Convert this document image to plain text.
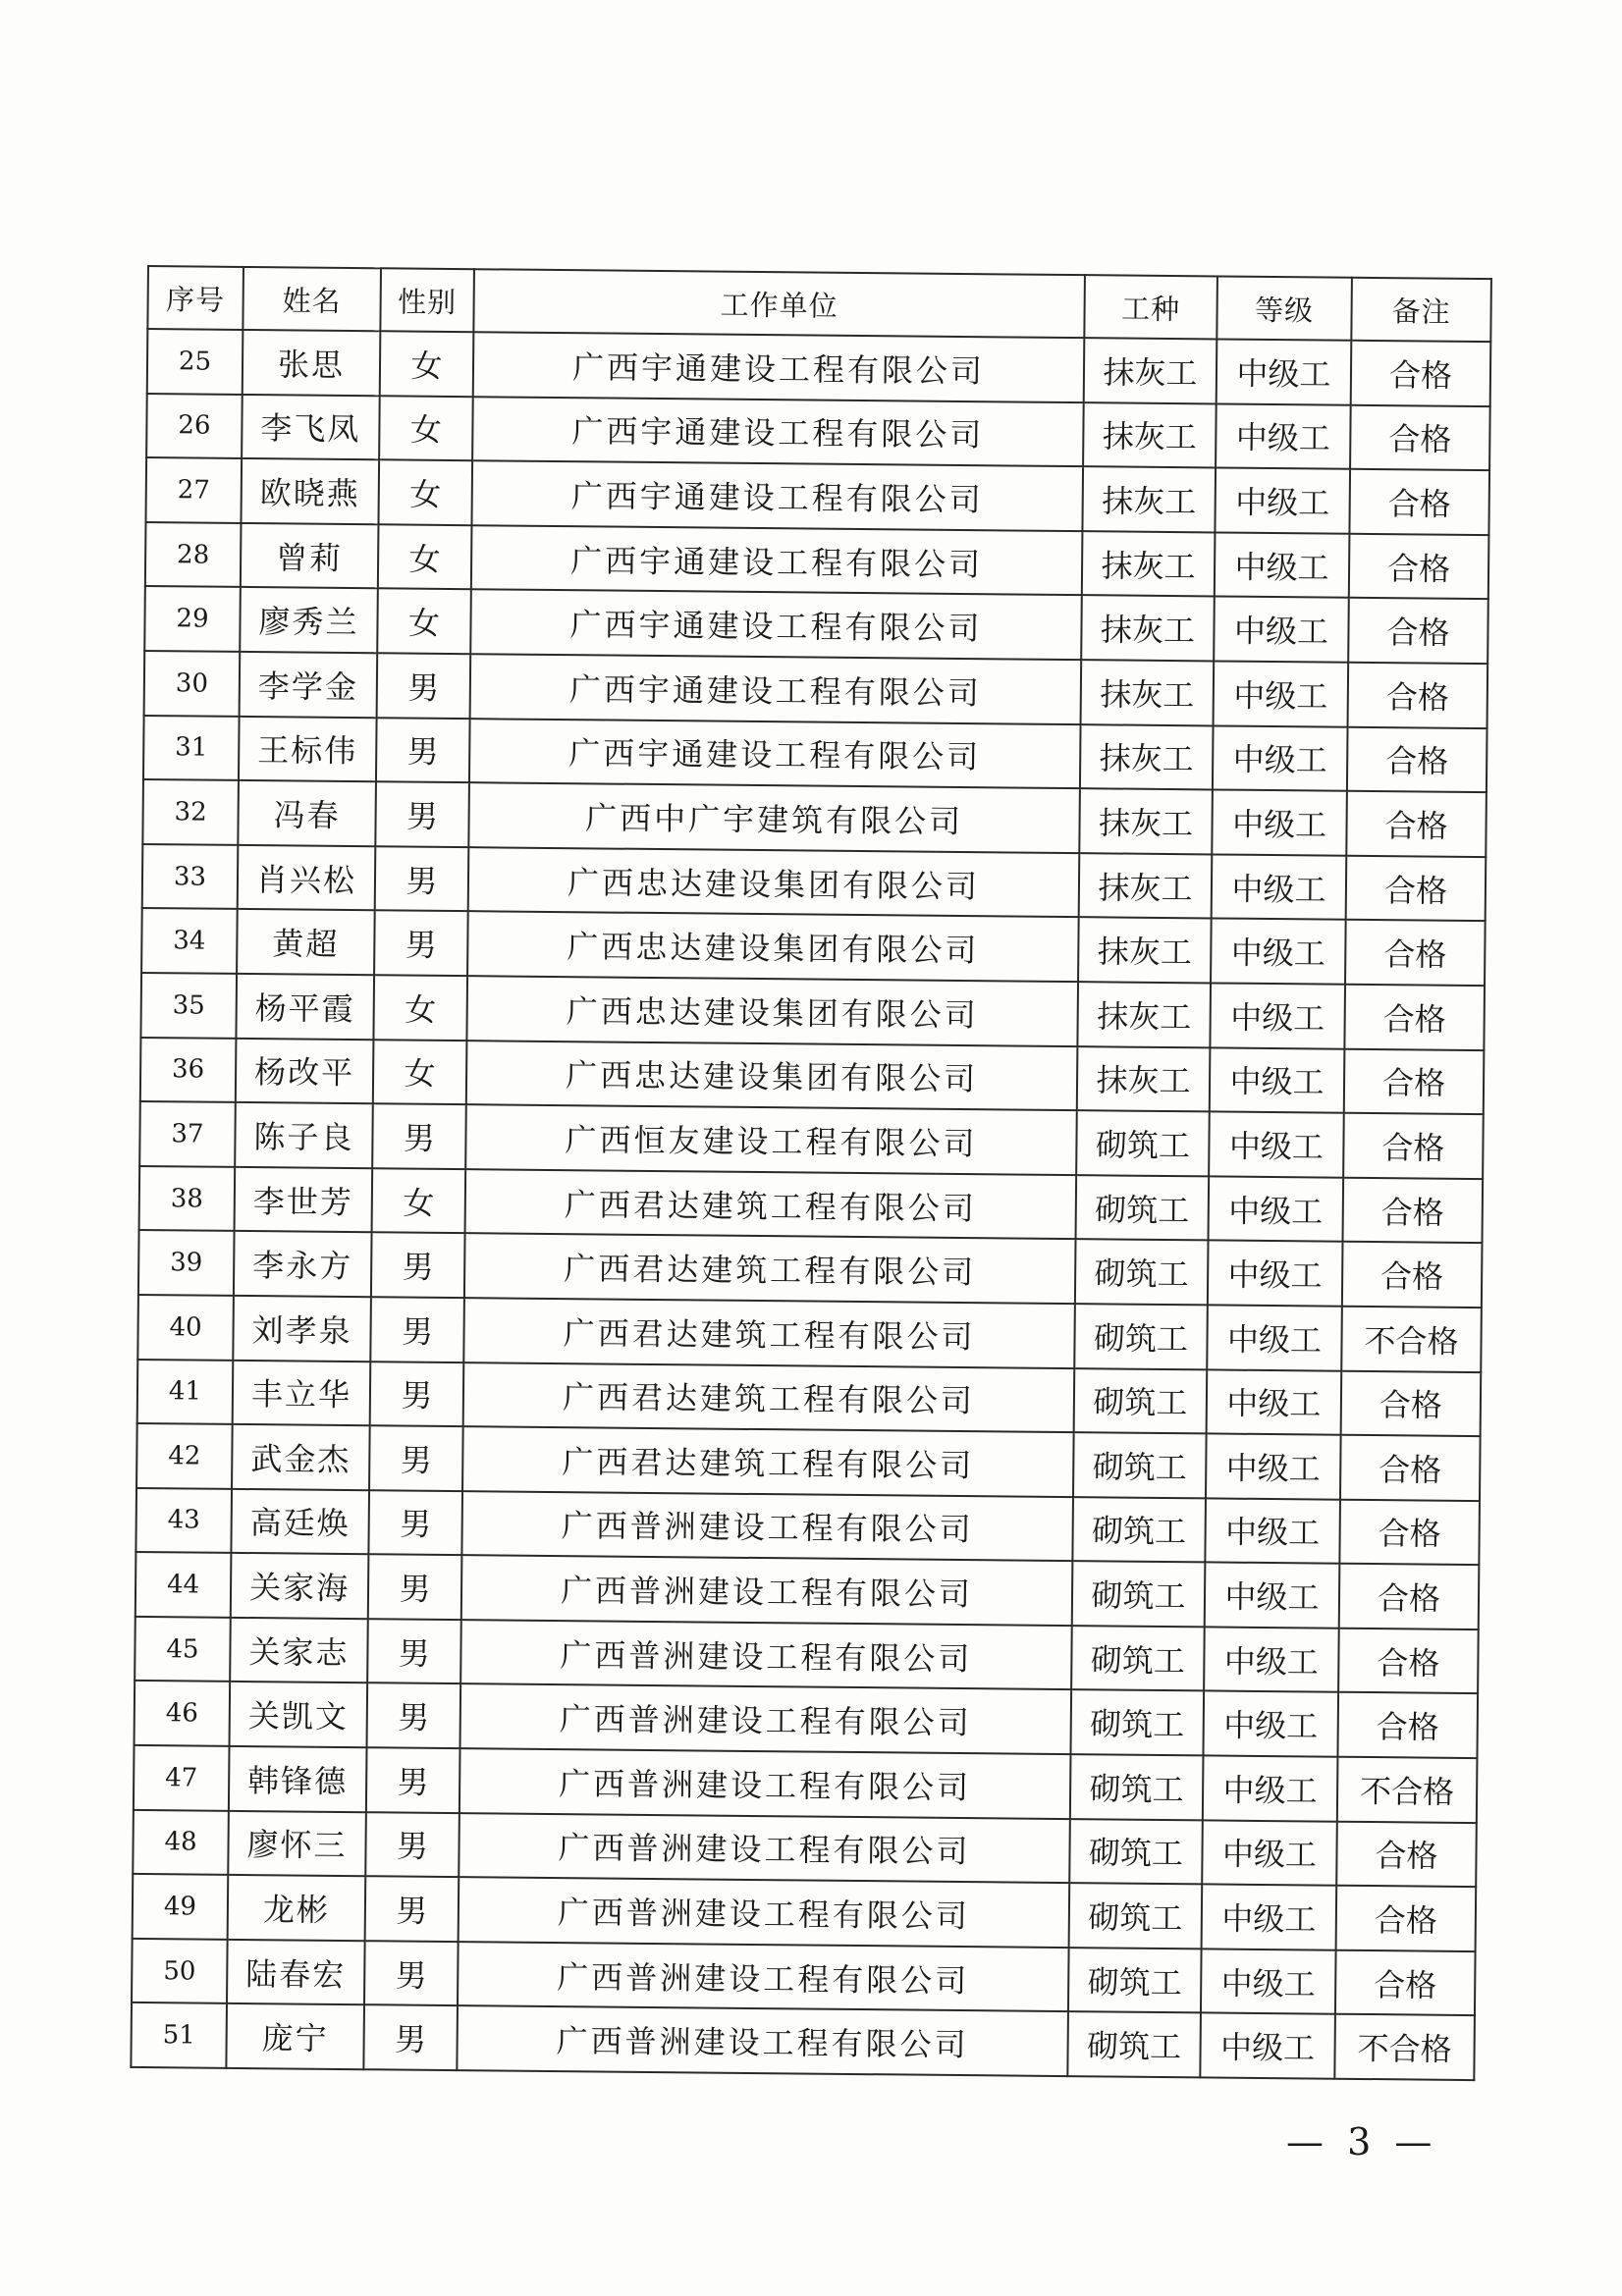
序号	姓名	性别	工作单位	工种	等级	备注
25	张思	女	广西宇通建设工程有限公司	抹灰工	中级工	合格
26	李飞凤	女	广西宇通建设工程有限公司	抹灰工	中级工	合格
27	欧晓燕	女	广西宇通建设工程有限公司	抹灰工	中级工	合格
28	曾莉	女	广西宇通建设工程有限公司	抹灰工	中级工	合格
29	廖秀兰	女	广西宇通建设工程有限公司	抹灰工	中级工	合格
30	李学金	男	广西宇通建设工程有限公司	抹灰工	中级工	合格
31	王标伟	男	广西宇通建设工程有限公司	抹灰工	中级工	合格
32	冯春	男	广西中广宇建筑有限公司	抹灰工	中级工	合格
33	肖兴松	男	广西忠达建设集团有限公司	抹灰工	中级工	合格
34	黄超	男	广西忠达建设集团有限公司	抹灰工	中级工	合格
35	杨平霞	女	广西忠达建设集团有限公司	抹灰工	中级工	合格
36	杨改平	女	广西忠达建设集团有限公司	抹灰工	中级工	合格
37	陈子良	男	广西恒友建设工程有限公司	砌筑工	中级工	合格
38	李世芳	女	广西君达建筑工程有限公司	砌筑工	中级工	合格
39	李永方	男	广西君达建筑工程有限公司	砌筑工	中级工	合格
40	刘孝泉	男	广西君达建筑工程有限公司	砌筑工	中级工	不合格
41	丰立华	男	广西君达建筑工程有限公司	砌筑工	中级工	合格
42	武金杰	男	广西君达建筑工程有限公司	砌筑工	中级工	合格
43	高廷焕	男	广西普洲建设工程有限公司	砌筑工	中级工	合格
44	关家海	男	广西普洲建设工程有限公司	砌筑工	中级工	合格
45	关家志	男	广西普洲建设工程有限公司	砌筑工	中级工	合格
46	关凯文	男	广西普洲建设工程有限公司	砌筑工	中级工	合格
47	韩锋德	男	广西普洲建设工程有限公司	砌筑工	中级工	不合格
48	廖怀三	男	广西普洲建设工程有限公司	砌筑工	中级工	合格
49	龙彬	男	广西普洲建设工程有限公司	砌筑工	中级工	合格
50	陆春宏	男	广西普洲建设工程有限公司	砌筑工	中级工	合格
51	庞宁	男	广西普洲建设工程有限公司	砌筑工	中级工	不合格
— 3 —
